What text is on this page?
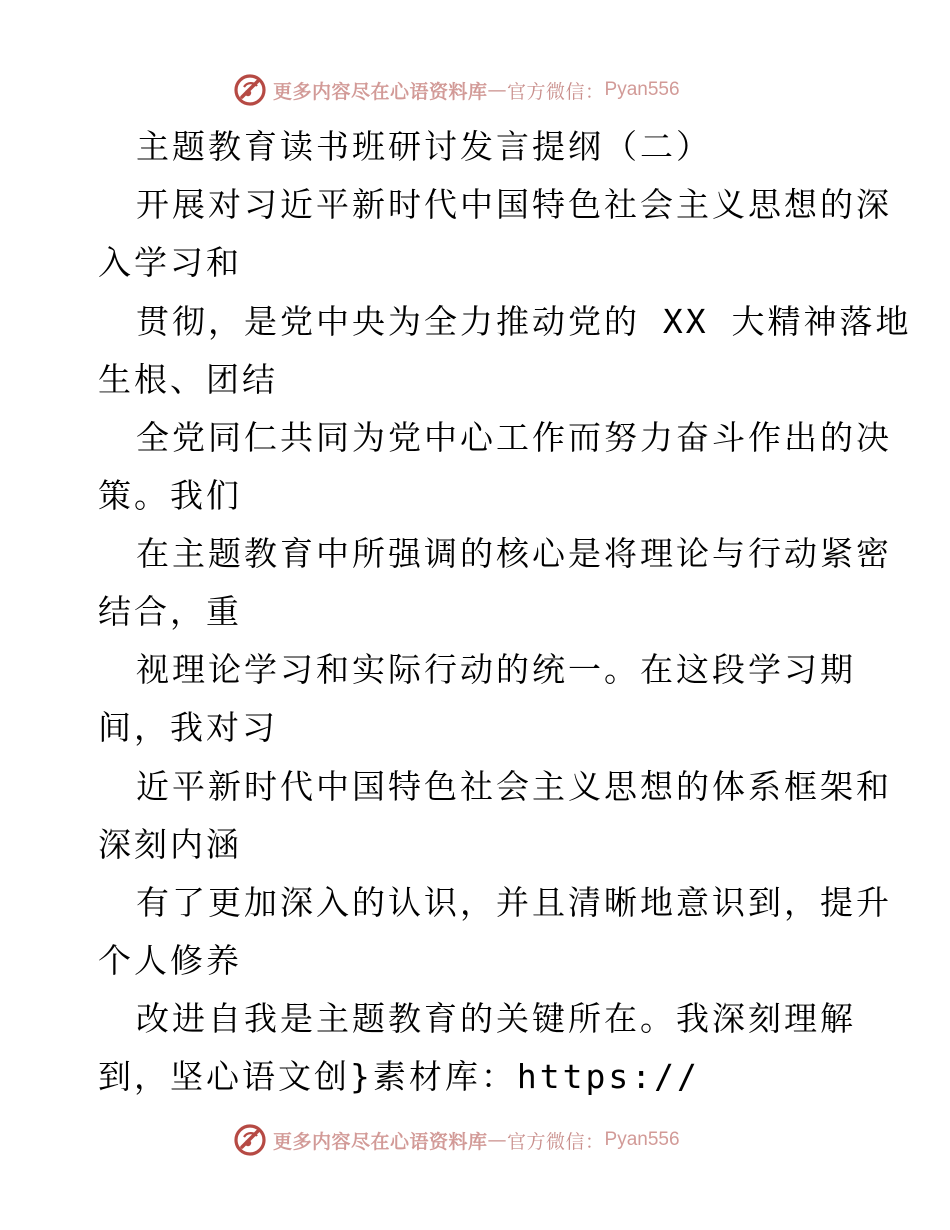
更多内容尽在心语资料库 — 官方微信： Pyan556
主题教育读书班研讨发言提纲（二）
开展对习近平新时代中国特色社会主义思想的深
入学习和
贯彻，是党中央为全力推动党的 XX 大精神落地
生根、团结
全党同仁共同为党中心工作而努力奋斗作出的决
策。我们
在主题教育中所强调的核心是将理论与行动紧密
结合，重
视理论学习和实际行动的统一。在这段学习期
间，我对习
近平新时代中国特色社会主义思想的体系框架和
深刻内涵
有了更加深入的认识，并且清晰地意识到，提升
个人修养
改进自我是主题教育的关键所在。我深刻理解
到，坚心语文创}素材库：https://
更多内容尽在心语资料库 — 官方微信： Pyan556
